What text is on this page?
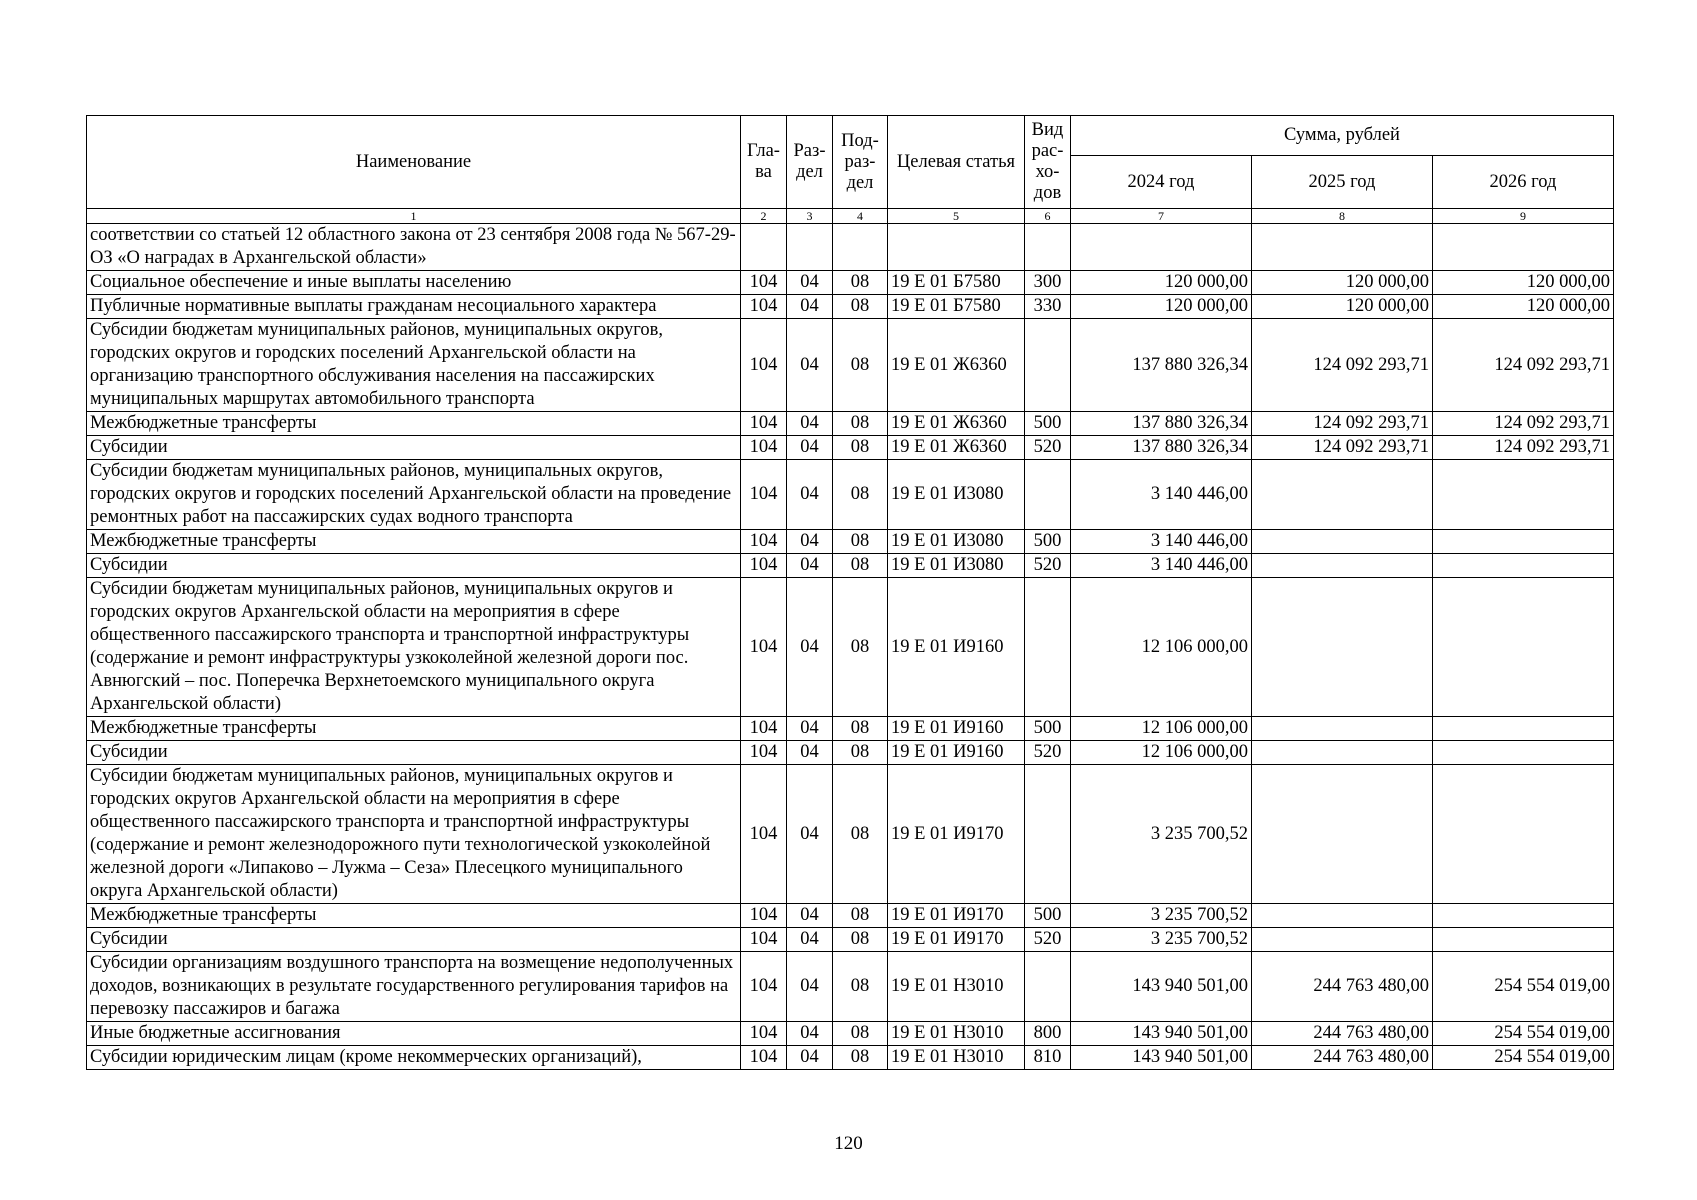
Наименование	Гла-ва	Раз-дел	Под-раз-дел	Целевая статья	Вид рас-хо-дов	Сумма, рублей		
						2024 год	2025 год	2026 год
1	2	3	4	5	6	7	8	9
соответствии со статьей 12 областного закона от 23 сентября 2008 года № 567-29-ОЗ «О наградах в Архангельской области»								
Социальное обеспечение и иные выплаты населению	104	04	08	19 Е 01 Б7580	300	120 000,00	120 000,00	120 000,00
Публичные нормативные выплаты гражданам несоциального характера	104	04	08	19 Е 01 Б7580	330	120 000,00	120 000,00	120 000,00
Субсидии бюджетам муниципальных районов, муниципальных округов, городских округов и городских поселений Архангельской области на организацию транспортного обслуживания населения на пассажирских муниципальных маршрутах автомобильного транспорта	104	04	08	19 Е 01 Ж6360		137 880 326,34	124 092 293,71	124 092 293,71
Межбюджетные трансферты	104	04	08	19 Е 01 Ж6360	500	137 880 326,34	124 092 293,71	124 092 293,71
Субсидии	104	04	08	19 Е 01 Ж6360	520	137 880 326,34	124 092 293,71	124 092 293,71
Субсидии бюджетам муниципальных районов, муниципальных округов, городских округов и городских поселений Архангельской области на проведение ремонтных работ на пассажирских судах водного транспорта	104	04	08	19 Е 01 И3080		3 140 446,00		
Межбюджетные трансферты	104	04	08	19 Е 01 И3080	500	3 140 446,00		
Субсидии	104	04	08	19 Е 01 И3080	520	3 140 446,00		
Субсидии бюджетам муниципальных районов, муниципальных округов и городских округов Архангельской области на мероприятия в сфере общественного пассажирского транспорта и транспортной инфраструктуры (содержание и ремонт инфраструктуры узкоколейной железной дороги пос. Авнюгский – пос. Поперечка Верхнетоемского муниципального округа Архангельской области)	104	04	08	19 Е 01 И9160		12 106 000,00		
Межбюджетные трансферты	104	04	08	19 Е 01 И9160	500	12 106 000,00		
Субсидии	104	04	08	19 Е 01 И9160	520	12 106 000,00		
Субсидии бюджетам муниципальных районов, муниципальных округов и городских округов Архангельской области на мероприятия в сфере общественного пассажирского транспорта и транспортной инфраструктуры (содержание и ремонт железнодорожного пути технологической узкоколейной железной дороги «Липаково – Лужма – Сеза» Плесецкого муниципального округа Архангельской области)	104	04	08	19 Е 01 И9170		3 235 700,52		
Межбюджетные трансферты	104	04	08	19 Е 01 И9170	500	3 235 700,52		
Субсидии	104	04	08	19 Е 01 И9170	520	3 235 700,52		
Субсидии организациям воздушного транспорта на возмещение недополученных доходов, возникающих в результате государственного регулирования тарифов на перевозку пассажиров и багажа	104	04	08	19 Е 01 Н3010		143 940 501,00	244 763 480,00	254 554 019,00
Иные бюджетные ассигнования	104	04	08	19 Е 01 Н3010	800	143 940 501,00	244 763 480,00	254 554 019,00
Субсидии юридическим лицам (кроме некоммерческих организаций),	104	04	08	19 Е 01 Н3010	810	143 940 501,00	244 763 480,00	254 554 019,00
120
